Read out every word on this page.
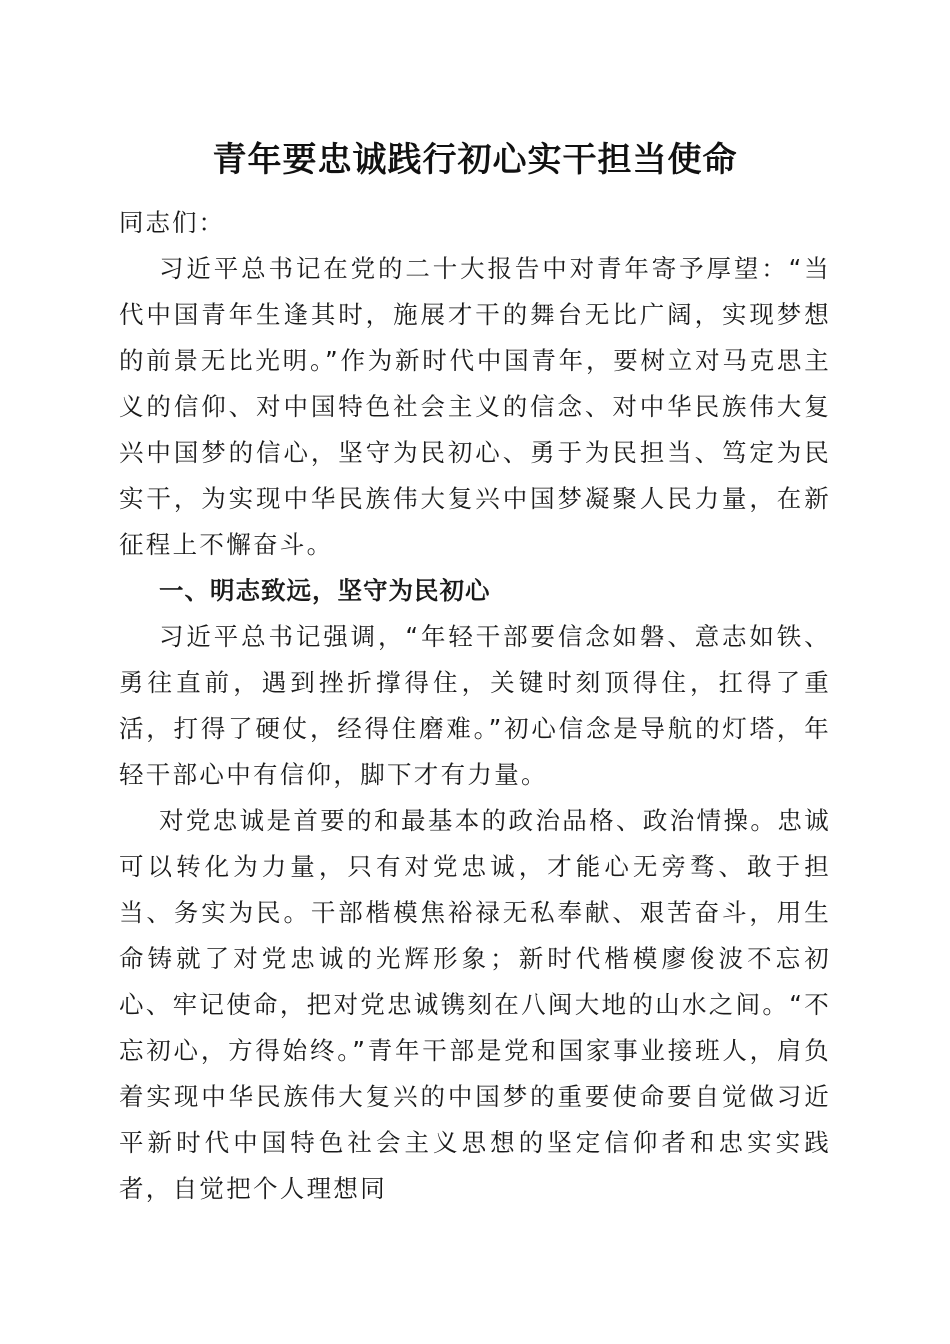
青年要忠诚践行初心实干担当使命

同志们：

习近平总书记在党的二十大报告中对青年寄予厚望：“当代中国青年生逢其时，施展才干的舞台无比广阔，实现梦想的前景无比光明。”作为新时代中国青年，要树立对马克思主义的信仰、对中国特色社会主义的信念、对中华民族伟大复兴中国梦的信心，坚守为民初心、勇于为民担当、笃定为民实干，为实现中华民族伟大复兴中国梦凝聚人民力量，在新征程上不懈奋斗。

一、明志致远，坚守为民初心

习近平总书记强调，“年轻干部要信念如磐、意志如铁、勇往直前，遇到挫折撑得住，关键时刻顶得住，扛得了重活，打得了硬仗，经得住磨难。”初心信念是导航的灯塔，年轻干部心中有信仰，脚下才有力量。

对党忠诚是首要的和最基本的政治品格、政治情操。忠诚可以转化为力量，只有对党忠诚，才能心无旁骛、敢于担当、务实为民。干部楷模焦裕禄无私奉献、艰苦奋斗，用生命铸就了对党忠诚的光辉形象；新时代楷模廖俊波不忘初心、牢记使命，把对党忠诚镌刻在八闽大地的山水之间。“不忘初心，方得始终。”青年干部是党和国家事业接班人，肩负着实现中华民族伟大复兴的中国梦的重要使命要自觉做习近平新时代中国特色社会主义思想的坚定信仰者和忠实实践者，自觉把个人理想同
